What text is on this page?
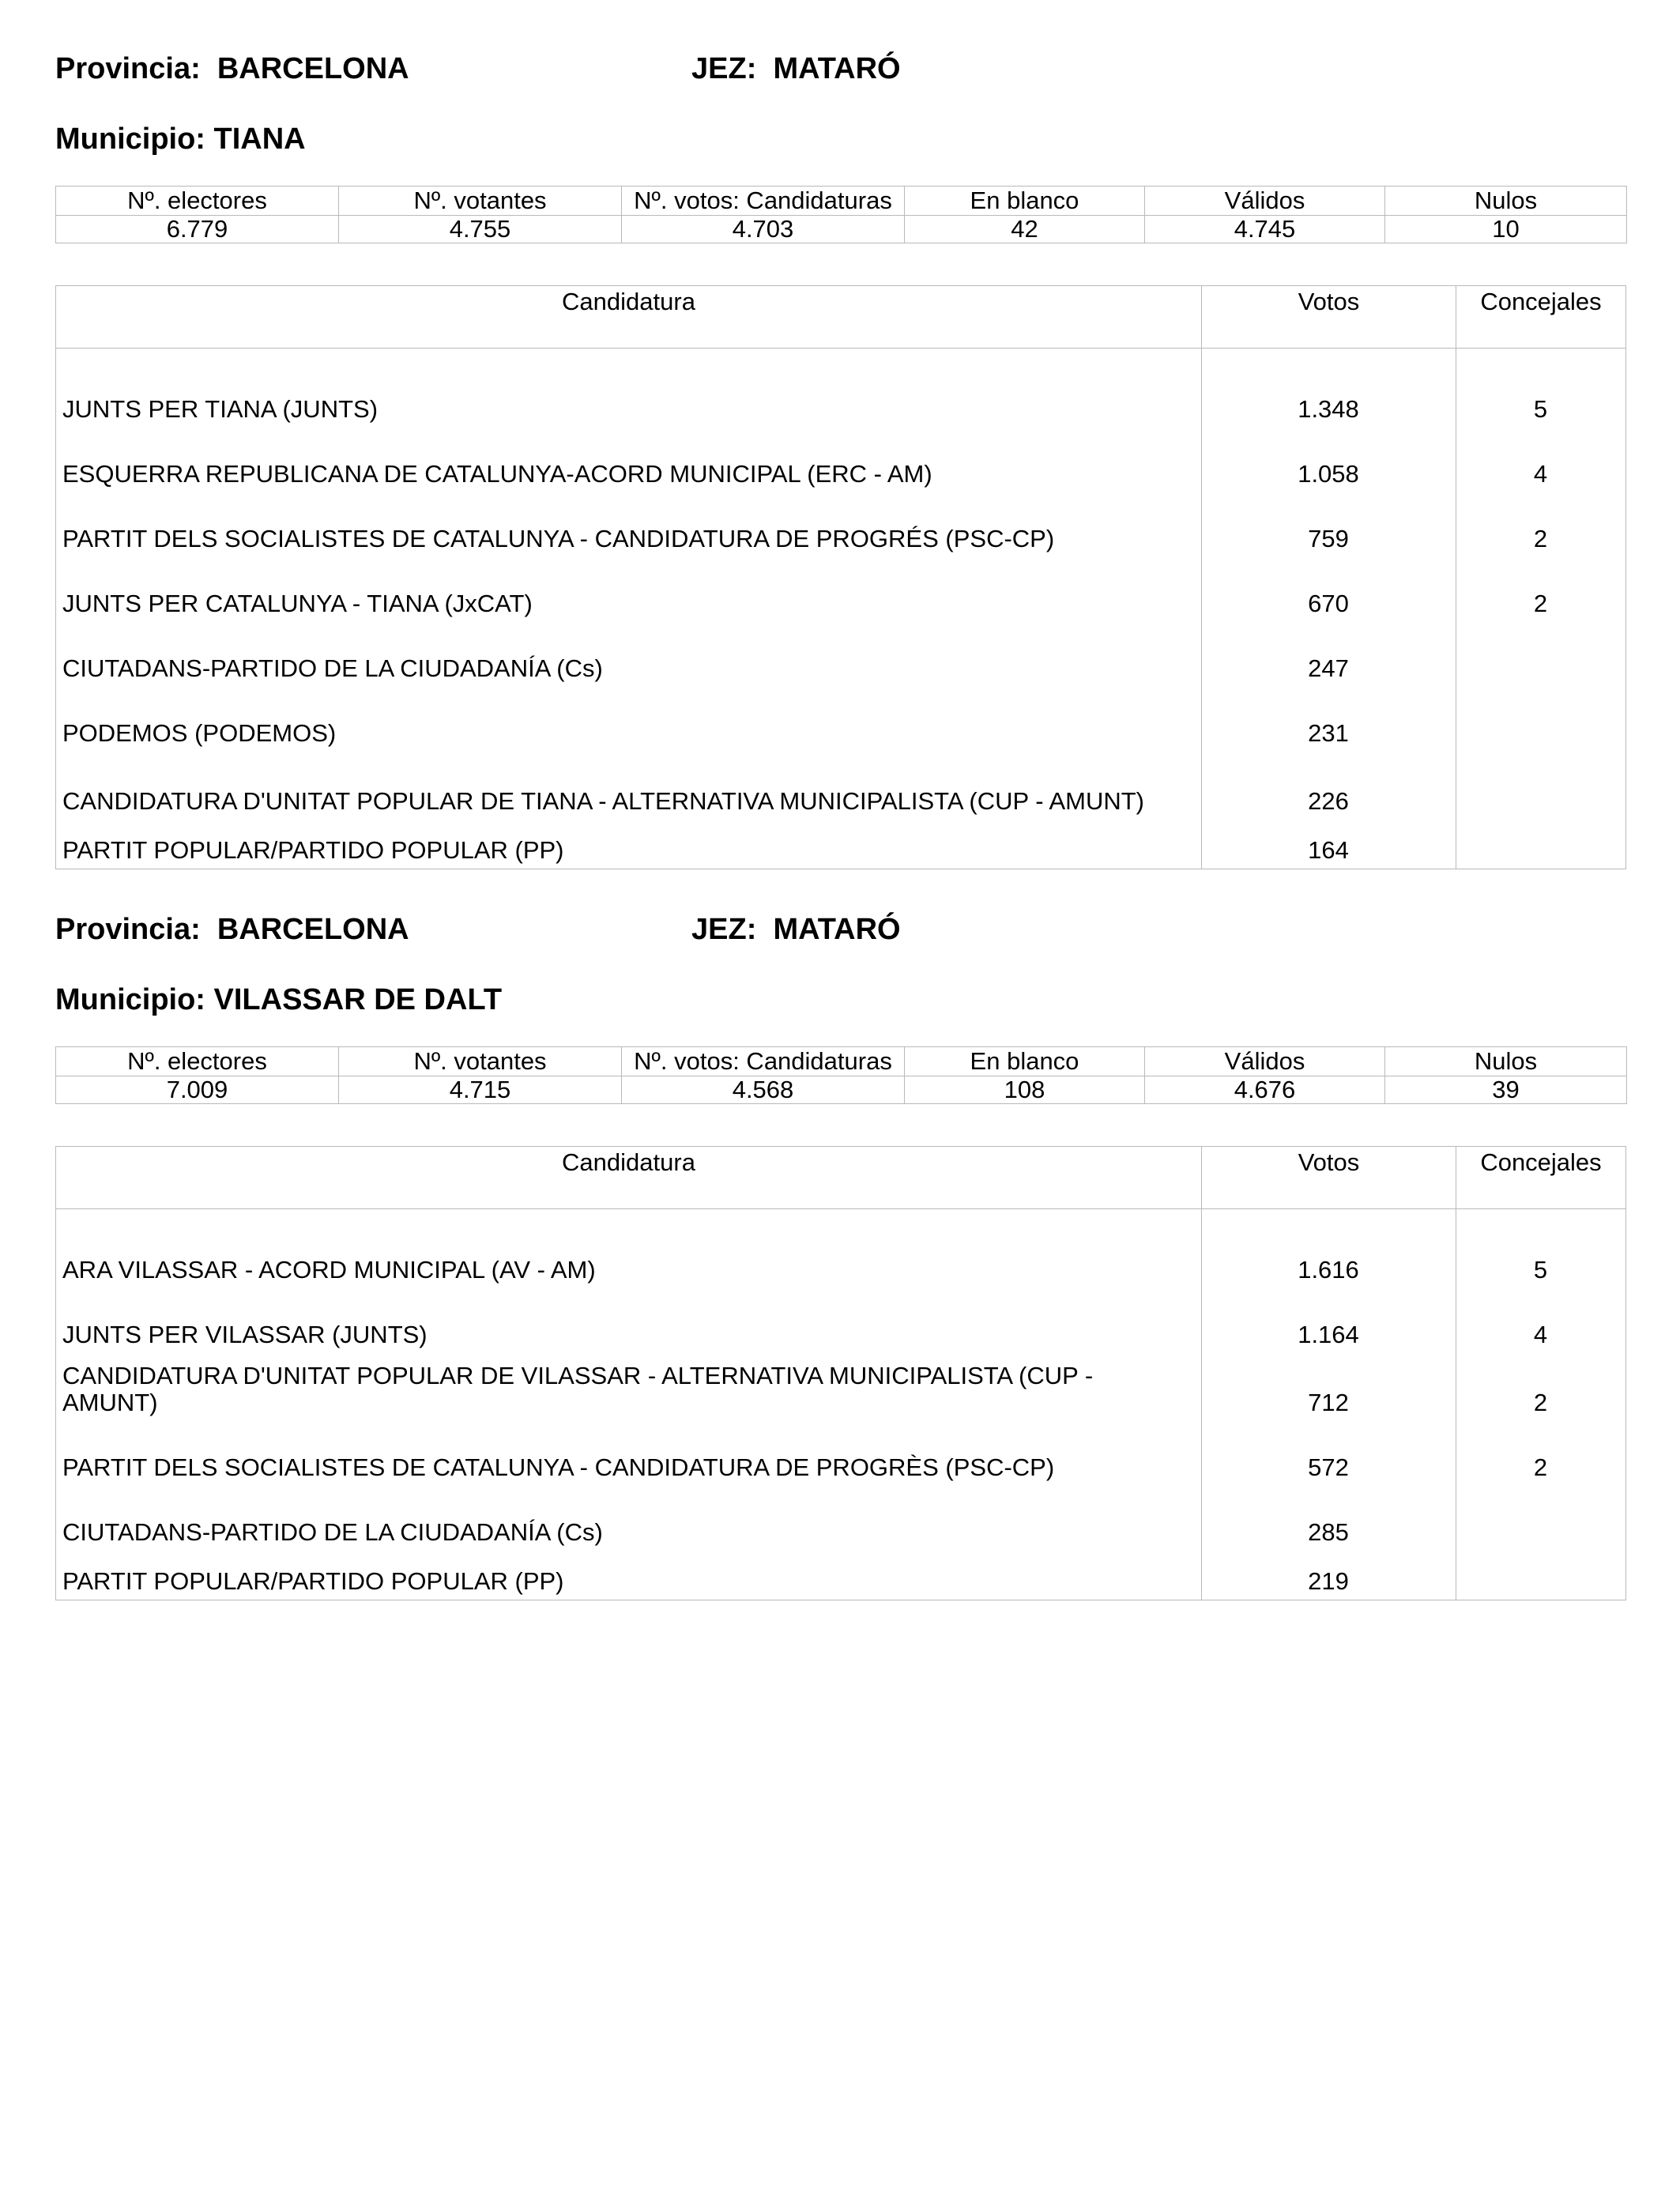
Provincia:  BARCELONA	JEZ:  MATARÓ
Municipio: TIANA
Nº. electores	Nº. votantes	Nº. votos: Candidaturas	En blanco	Válidos	Nulos
6.779	4.755	4.703	42	4.745	10
Candidatura	Votos	Concejales
JUNTS PER TIANA (JUNTS)	1.348	5
ESQUERRA REPUBLICANA DE CATALUNYA-ACORD MUNICIPAL (ERC - AM)	1.058	4
PARTIT DELS SOCIALISTES DE CATALUNYA - CANDIDATURA DE PROGRÉS (PSC-CP)	759	2
JUNTS PER CATALUNYA - TIANA (JxCAT)	670	2
CIUTADANS-PARTIDO DE LA CIUDADANÍA (Cs)	247
PODEMOS (PODEMOS)	231
CANDIDATURA D'UNITAT POPULAR DE TIANA - ALTERNATIVA MUNICIPALISTA (CUP - AMUNT)	226
PARTIT POPULAR/PARTIDO POPULAR (PP)	164
Provincia:  BARCELONA	JEZ:  MATARÓ
Municipio: VILASSAR DE DALT
Nº. electores	Nº. votantes	Nº. votos: Candidaturas	En blanco	Válidos	Nulos
7.009	4.715	4.568	108	4.676	39
Candidatura	Votos	Concejales
ARA VILASSAR - ACORD MUNICIPAL (AV - AM)	1.616	5
JUNTS PER VILASSAR (JUNTS)	1.164	4
CANDIDATURA D'UNITAT POPULAR DE VILASSAR - ALTERNATIVA MUNICIPALISTA (CUP - AMUNT)	712	2
PARTIT DELS SOCIALISTES DE CATALUNYA - CANDIDATURA DE PROGRÈS (PSC-CP)	572	2
CIUTADANS-PARTIDO DE LA CIUDADANÍA (Cs)	285
PARTIT POPULAR/PARTIDO POPULAR (PP)	219
